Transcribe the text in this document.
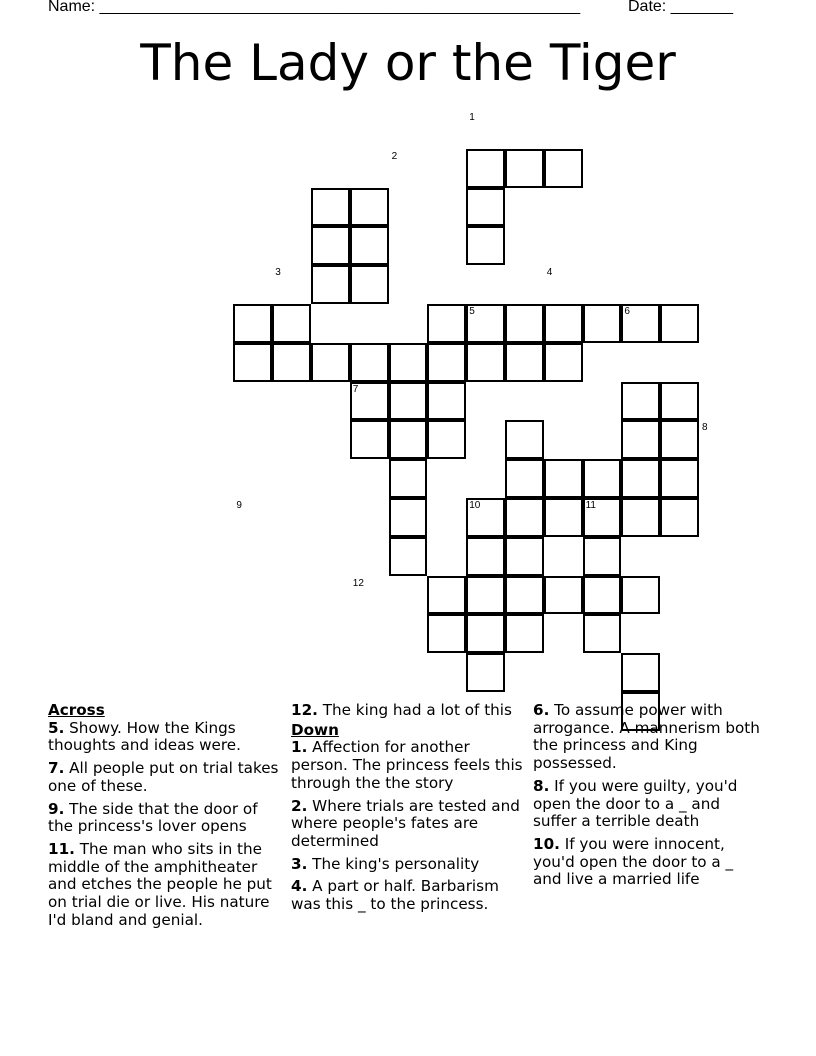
Name: ______________________________________________________	Date: _______
The Lady or the Tiger
1
2
3	4
5	6
7
8
9	10	11
12
Across
5. Showy. How the Kings thoughts and ideas were.
7. All people put on trial takes one of these.
9. The side that the door of the princess's lover opens
11. The man who sits in the middle of the amphitheater and etches the people he put on trial die or live. His nature I'd bland and genial.
12. The king had a lot of this
Down
1. Affection for another person. The princess feels this through the the story
2. Where trials are tested and where people's fates are determined
3. The king's personality
4. A part or half. Barbarism was this _ to the princess.
6. To assume power with arrogance. A mannerism both the princess and King possessed.
8. If you were guilty, you'd open the door to a _ and suffer a terrible death
10. If you were innocent, you'd open the door to a _ and live a married life
